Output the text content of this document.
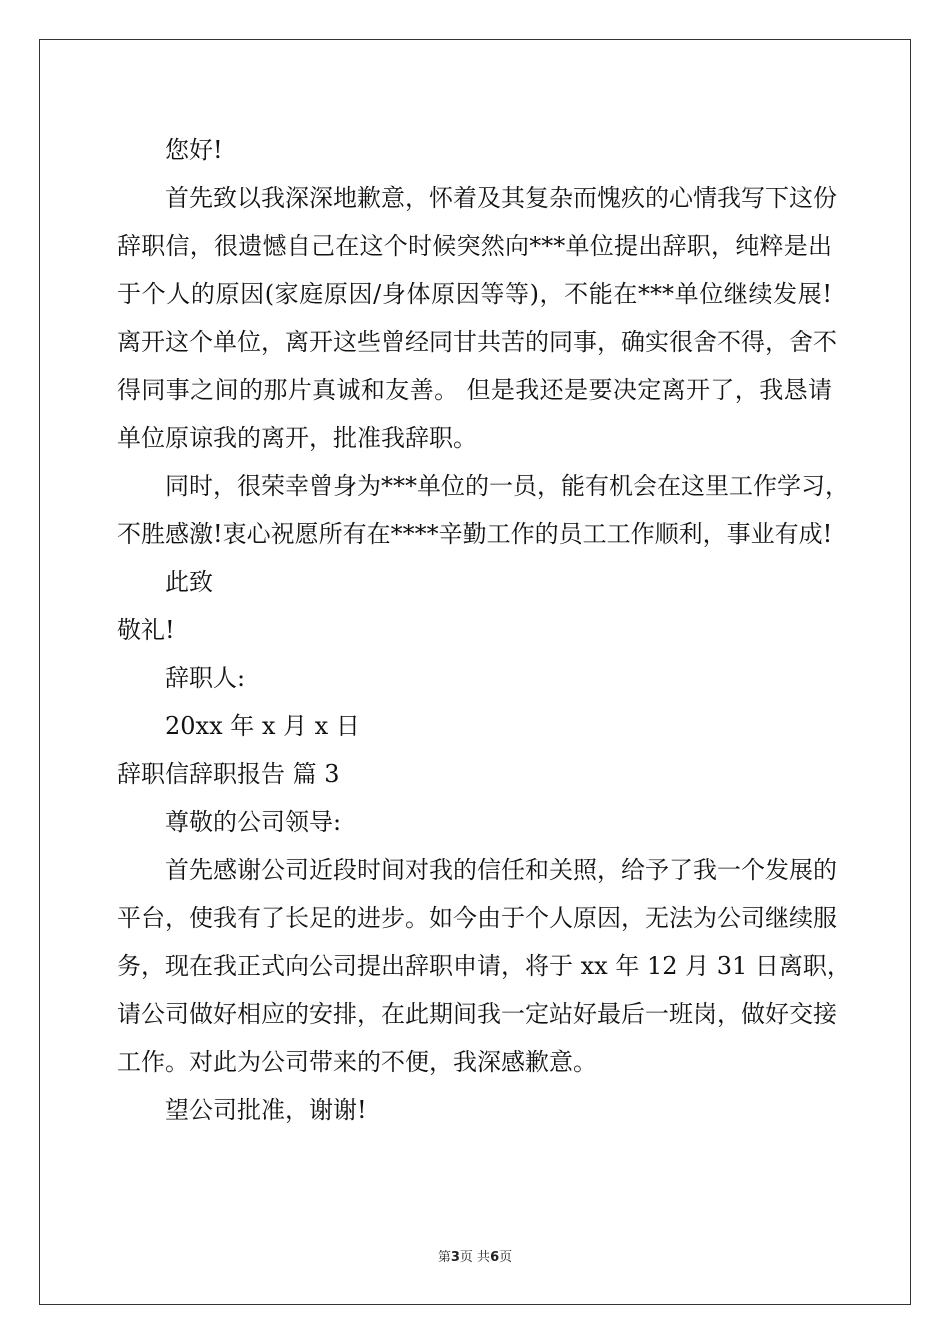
您好!
首先致以我深深地歉意，怀着及其复杂而愧疚的心情我写下这份
辞职信，很遗憾自己在这个时候突然向***单位提出辞职，纯粹是出
于个人的原因(家庭原因/身体原因等等)，不能在***单位继续发展!
离开这个单位，离开这些曾经同甘共苦的同事，确实很舍不得，舍不
得同事之间的那片真诚和友善。 但是我还是要决定离开了，我恳请
单位原谅我的离开，批准我辞职。
同时，很荣幸曾身为***单位的一员，能有机会在这里工作学习，
不胜感激!衷心祝愿所有在****辛勤工作的员工工作顺利，事业有成!
此致
敬礼!
辞职人:
20xx 年 x 月 x 日
辞职信辞职报告 篇 3
尊敬的公司领导:
首先感谢公司近段时间对我的信任和关照，给予了我一个发展的
平台，使我有了长足的进步。如今由于个人原因，无法为公司继续服
务，现在我正式向公司提出辞职申请，将于 xx 年 12 月 31 日离职，
请公司做好相应的安排，在此期间我一定站好最后一班岗，做好交接
工作。对此为公司带来的不便，我深感歉意。
望公司批准，谢谢!
第3页 共6页
